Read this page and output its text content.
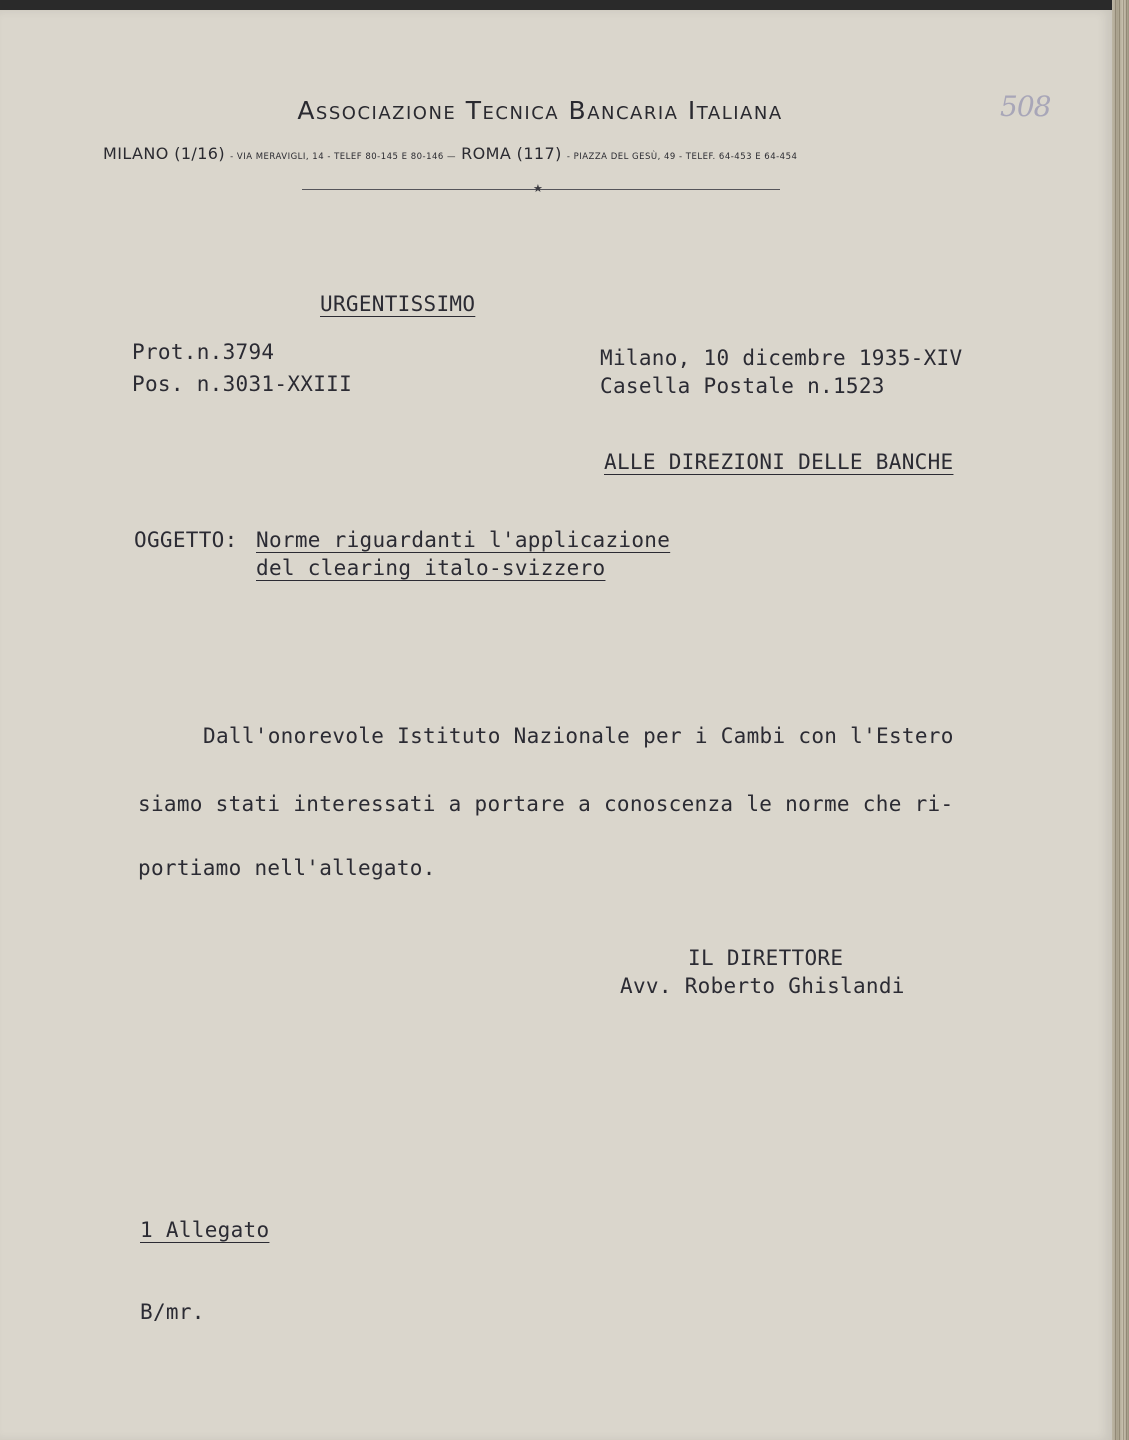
508
Associazione Tecnica Bancaria Italiana
MILANO (1/16) - VIA MERAVIGLI, 14 - TELEF 80-145 E 80-146 — ROMA (117) - PIAZZA DEL GESÙ, 49 - TELEF. 64-453 E 64-454
★
URGENTISSIMO
Prot.n.3794
Pos. n.3031-XXIII
Milano, 10 dicembre 1935-XIV
Casella Postale n.1523
ALLE DIREZIONI DELLE BANCHE
OGGETTO: Norme riguardanti l'applicazione
del clearing italo-svizzero
Dall'onorevole Istituto Nazionale per i Cambi con l'Estero
siamo stati interessati a portare a conoscenza le norme che ri-
portiamo nell'allegato.
IL DIRETTORE
Avv. Roberto Ghislandi
1 Allegato
B/mr.
